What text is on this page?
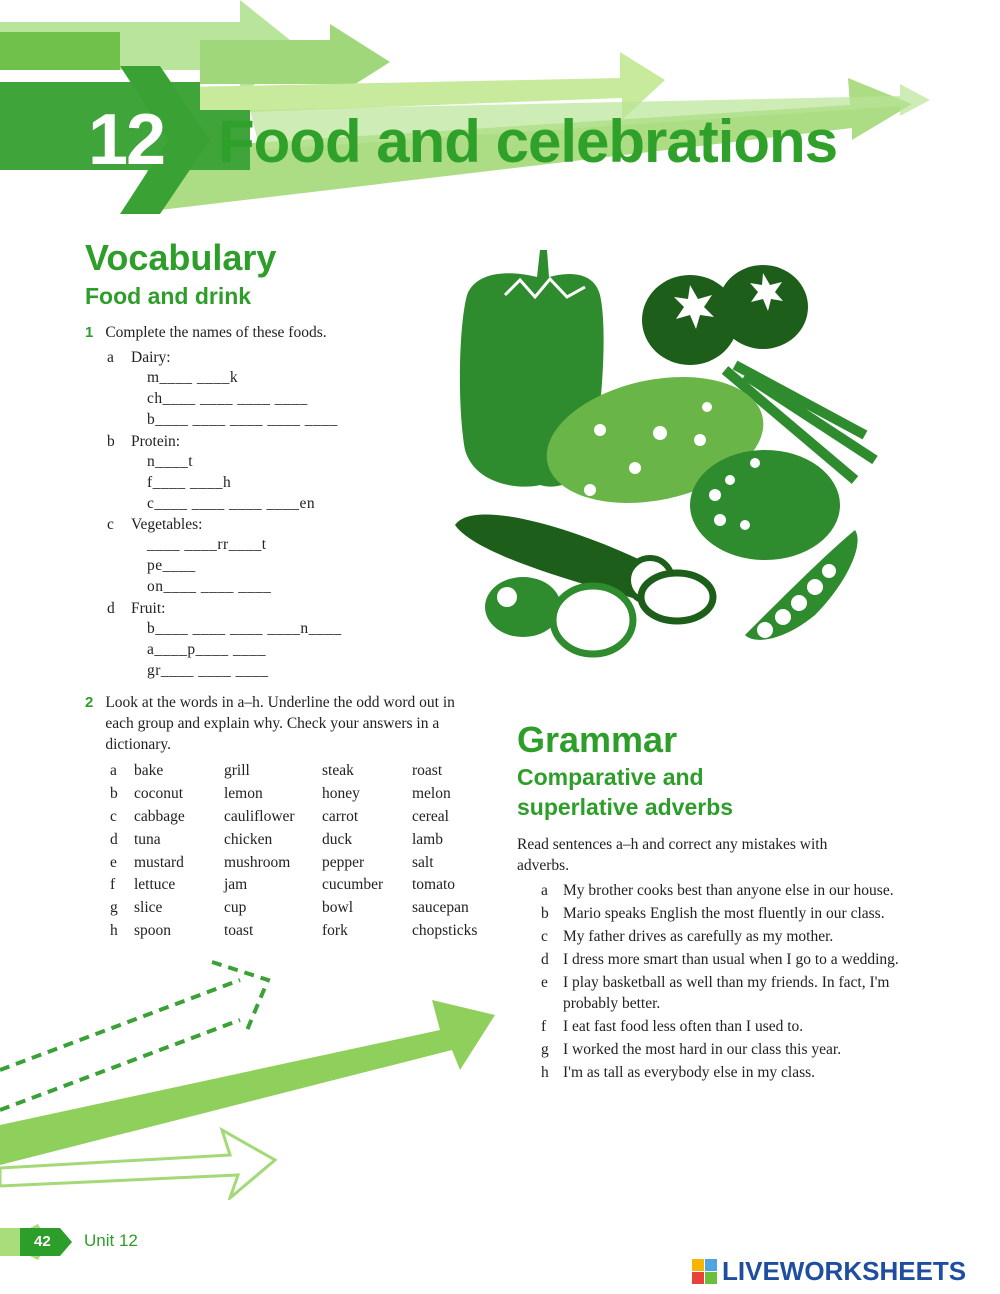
12 Food and celebrations
Vocabulary
Food and drink
1 Complete the names of these foods.
a	Dairy:
m____ ____k
ch____ ____ ____ ____
b____ ____ ____ ____ ____
b	Protein:
n____t
f____ ____h
c____ ____ ____ ____en
c	Vegetables:
____ ____rr____t
pe____
on____ ____ ____
d	Fruit:
b____ ____ ____ ____n____
a____p____ ____
gr____ ____ ____
2 Look at the words in a–h. Underline the odd word out in each group and explain why. Check your answers in a dictionary.
a	bake	grill	steak	roast
b	coconut	lemon	honey	melon
c	cabbage	cauliflower	carrot	cereal
d	tuna	chicken	duck	lamb
e	mustard	mushroom	pepper	salt
f	lettuce	jam	cucumber	tomato
g	slice	cup	bowl	saucepan
h	spoon	toast	fork	chopsticks
Grammar
Comparative and superlative adverbs
Read sentences a–h and correct any mistakes with adverbs.
a My brother cooks best than anyone else in our house.
b Mario speaks English the most fluently in our class.
c My father drives as carefully as my mother.
d I dress more smart than usual when I go to a wedding.
e I play basketball as well than my friends. In fact, I'm probably better.
f	I eat fast food less often than I used to.
g I worked the most hard in our class this year.
h I'm as tall as everybody else in my class.
42 Unit 12
LIVEWORKSHEETS
